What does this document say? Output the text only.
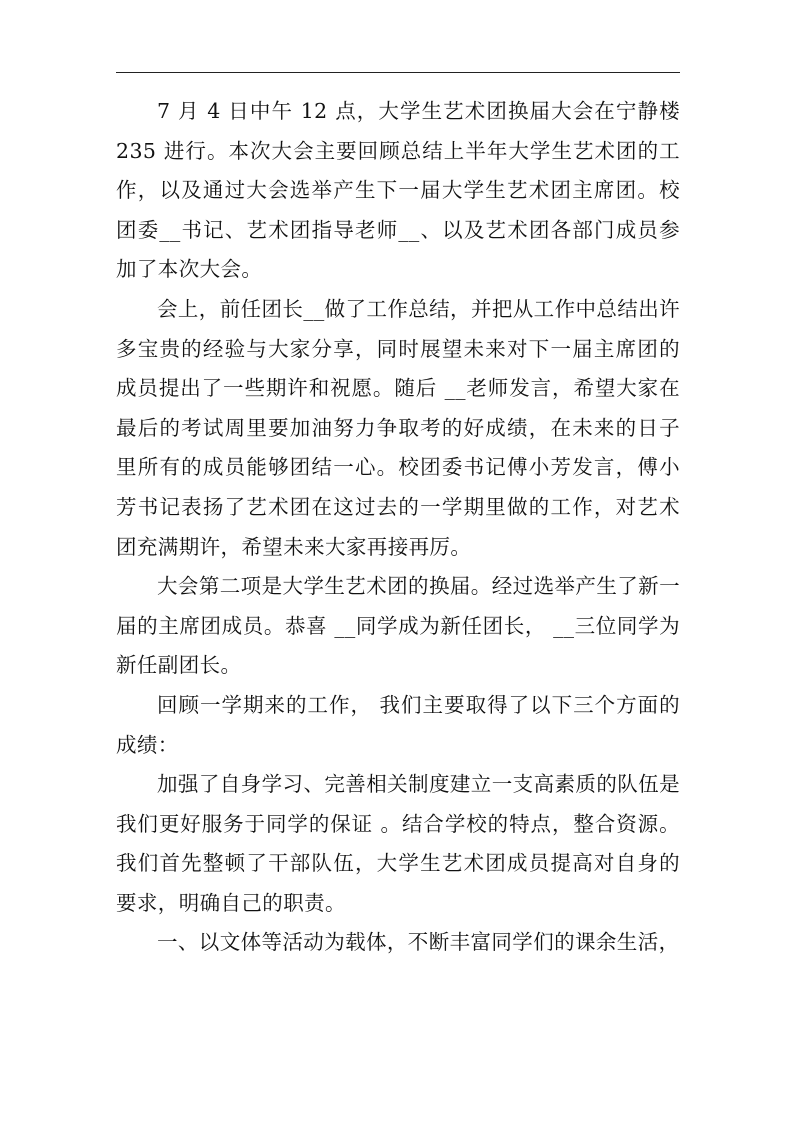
7 月 4 日中午 12 点，大学生艺术团换届大会在宁静楼 235 进行。本次大会主要回顾总结上半年大学生艺术团的工作，以及通过大会选举产生下一届大学生艺术团主席团。校团委__书记、艺术团指导老师__、以及艺术团各部门成员参加了本次大会。

会上，前任团长__做了工作总结，并把从工作中总结出许多宝贵的经验与大家分享，同时展望未来对下一届主席团的成员提出了一些期许和祝愿。随后 __老师发言，希望大家在最后的考试周里要加油努力争取考的好成绩，在未来的日子里所有的成员能够团结一心。校团委书记傅小芳发言，傅小芳书记表扬了艺术团在这过去的一学期里做的工作，对艺术团充满期许，希望未来大家再接再厉。

大会第二项是大学生艺术团的换届。经过选举产生了新一届的主席团成员。恭喜 __同学成为新任团长， __三位同学为新任副团长。

回顾一学期来的工作， 我们主要取得了以下三个方面的成绩：

加强了自身学习、完善相关制度建立一支高素质的队伍是我们更好服务于同学的保证 。结合学校的特点，整合资源。我们首先整顿了干部队伍，大学生艺术团成员提高对自身的要求，明确自己的职责。

一、以文体等活动为载体，不断丰富同学们的课余生活，
